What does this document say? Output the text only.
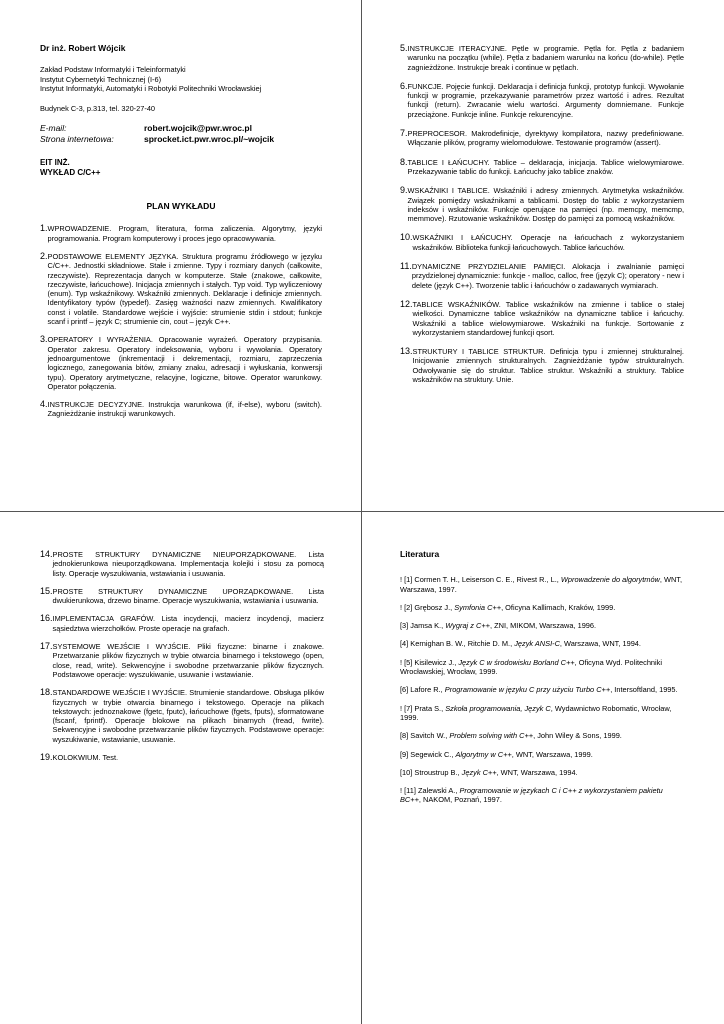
Dr inż. Robert Wójcik
Zakład Podstaw Informatyki i Teleinformatyki
Instytut Cybernetyki Technicznej (I-6)
Instytut Informatyki, Automatyki i Robotyki Politechniki Wrocławskiej
Budynek C-3, p.313, tel. 320-27-40
E-mail:	robert.wojcik@pwr.wroc.pl
Strona internetowa:	sprocket.ict.pwr.wroc.pl/~wojcik
EIT INŻ.
WYKŁAD C/C++
PLAN WYKŁADU
1. WPROWADZENIE. Program, literatura, forma zaliczenia. Algorytmy, języki programowania. Program komputerowy i proces jego opracowywania.
2. PODSTAWOWE ELEMENTY JĘZYKA. Struktura programu źródłowego w języku C/C++. Jednostki składniowe. Stałe i zmienne. Typy i rozmiary danych (całkowite, rzeczywiste). Reprezentacja danych w komputerze. Stałe (znakowe, całkowite, rzeczywiste, łańcuchowe). Inicjacja zmiennych i stałych. Typ void. Typ wyliczeniowy (enum). Typ wskaźnikowy. Wskaźniki zmiennych. Deklaracje i definicje zmiennych. Identyfikatory typów (typedef). Zasięg ważności nazw zmiennych. Kwalifikatory const i volatile. Standardowe wejście i wyjście: strumienie stdin i stdout; funkcje scanf i printf – język C; strumienie cin, cout – język C++.
3. OPERATORY I WYRAŻENIA. Opracowanie wyrażeń. Operatory przypisania. Operator zakresu. Operatory indeksowania, wyboru i wywołania. Operatory jednoargumentowe (inkrementacji i dekrementacji, rozmiaru, zaprzeczenia logicznego, zanegowania bitów, zmiany znaku, adresacji i wyłuskania, konwersji typu). Operatory arytmetyczne, relacyjne, logiczne, bitowe. Operator warunkowy. Operator połączenia.
4. INSTRUKCJE DECYZYJNE. Instrukcja warunkowa (if, if-else), wyboru (switch). Zagnieżdżanie instrukcji warunkowych.
5. INSTRUKCJE ITERACYJNE. Pętle w programie. Pętla for. Pętla z badaniem warunku na początku (while). Pętla z badaniem warunku na końcu (do-while). Pętle zagnieżdżone. Instrukcje break i continue w pętlach.
6. FUNKCJE. Pojęcie funkcji. Deklaracja i definicja funkcji, prototyp funkcji. Wywołanie funkcji w programie, przekazywanie parametrów przez wartość i adres. Rezultat funkcji (return). Zwracanie wielu wartości. Argumenty domniemane. Funkcje przeciążone. Funkcje inline. Funkcje rekurencyjne.
7. PREPROCESOR. Makrodefinicje, dyrektywy kompilatora, nazwy predefiniowane. Włączanie plików, programy wielomodułowe. Testowanie programów (assert).
8. TABLICE I ŁAŃCUCHY. Tablice – deklaracja, inicjacja. Tablice wielowymiarowe. Przekazywanie tablic do funkcji. Łańcuchy jako tablice znaków.
9. WSKAŹNIKI I TABLICE. Wskaźniki i adresy zmiennych. Arytmetyka wskaźników. Związek pomiędzy wskaźnikami a tablicami. Dostęp do tablic z wykorzystaniem indeksów i wskaźników. Funkcje operujące na pamięci (np. memcpy, memcmp, memmove). Rzutowanie wskaźników. Dostęp do pamięci za pomocą wskaźników.
10. WSKAŹNIKI I ŁAŃCUCHY. Operacje na łańcuchach z wykorzystaniem wskaźników. Biblioteka funkcji łańcuchowych. Tablice łańcuchów.
11. DYNAMICZNE PRZYDZIELANIE PAMIĘCI. Alokacja i zwalnianie pamięci przydzielonej dynamicznie: funkcje - malloc, calloc, free (język C); operatory - new i delete (język C++). Tworzenie tablic i łańcuchów o zadawanych wymiarach.
12. TABLICE WSKAŹNIKÓW. Tablice wskaźników na zmienne i tablice o stałej wielkości. Dynamiczne tablice wskaźników na dynamiczne tablice i łańcuchy. Wskaźniki a tablice wielowymiarowe. Wskaźniki na funkcje. Sortowanie z wykorzystaniem standardowej funkcji qsort.
13. STRUKTURY I TABLICE STRUKTUR. Definicja typu i zmiennej strukturalnej. Inicjowanie zmiennych strukturalnych. Zagnieżdżanie typów strukturalnych. Odwoływanie się do struktur. Tablice struktur. Wskaźniki a struktury. Tablice wskaźników na struktury. Unie.
14. PROSTE STRUKTURY DYNAMICZNE NIEUPORZĄDKOWANE. Lista jednokierunkowa nieuporządkowana. Implementacja kolejki i stosu za pomocą listy. Operacje wyszukiwania, wstawiania i usuwania.
15. PROSTE STRUKTURY DYNAMICZNE UPORZĄDKOWANE. Lista dwukierunkowa, drzewo binarne. Operacje wyszukiwania, wstawiania i usuwania.
16. IMPLEMENTACJA GRAFÓW. Lista incydencji, macierz incydencji, macierz sąsiedztwa wierzchołków. Proste operacje na grafach.
17. SYSTEMOWE WEJŚCIE I WYJŚCIE. Pliki fizyczne: binarne i znakowe. Przetwarzanie plików fizycznych w trybie otwarcia binarnego i tekstowego (open, close, read, write). Sekwencyjne i swobodne przetwarzanie plików fizycznych. Podstawowe operacje: wyszukiwanie, usuwanie i wstawianie.
18. STANDARDOWE WEJŚCIE I WYJŚCIE. Strumienie standardowe. Obsługa plików fizycznych w trybie otwarcia binarnego i tekstowego. Operacje na plikach tekstowych: jednoznakowe (fgetc, fputc), łańcuchowe (fgets, fputs), sformatowane (fscanf, fprintf). Operacje blokowe na plikach binarnych (fread, fwrite). Sekwencyjne i swobodne przetwarzanie plików fizycznych. Podstawowe operacje: wyszukiwanie, wstawianie, usuwanie.
19. KOLOKWIUM. Test.
Literatura
! [1] Cormen T. H., Leiserson C. E., Rivest R., L., Wprowadzenie do algorytmów, WNT, Warszawa, 1997.
! [2] Grębosz J., Symfonia C++, Oficyna Kallimach, Kraków, 1999.
[3] Jamsa K., Wygraj z C++, ZNI, MIKOM, Warszawa, 1996.
[4] Kernighan B. W., Ritchie D. M., Język ANSI-C, Warszawa, WNT, 1994.
! [5] Kisilewicz J., Język C w środowisku Borland C++, Oficyna Wyd. Politechniki Wrocławskiej, Wrocław, 1999.
[6] Lafore R., Programowanie w języku C przy użyciu Turbo C++, Intersoftland, 1995.
! [7] Prata S., Szkoła programowania, Język C, Wydawnictwo Robomatic, Wrocław, 1999.
[8] Savitch W., Problem solving with C++, John Wiley & Sons, 1999.
[9] Segewick C., Algorytmy w C++, WNT, Warszawa, 1999.
[10] Stroustrup B., Język C++, WNT, Warszawa, 1994.
! [11] Zalewski A., Programowanie w językach C i C++ z wykorzystaniem pakietu BC++, NAKOM, Poznań, 1997.
